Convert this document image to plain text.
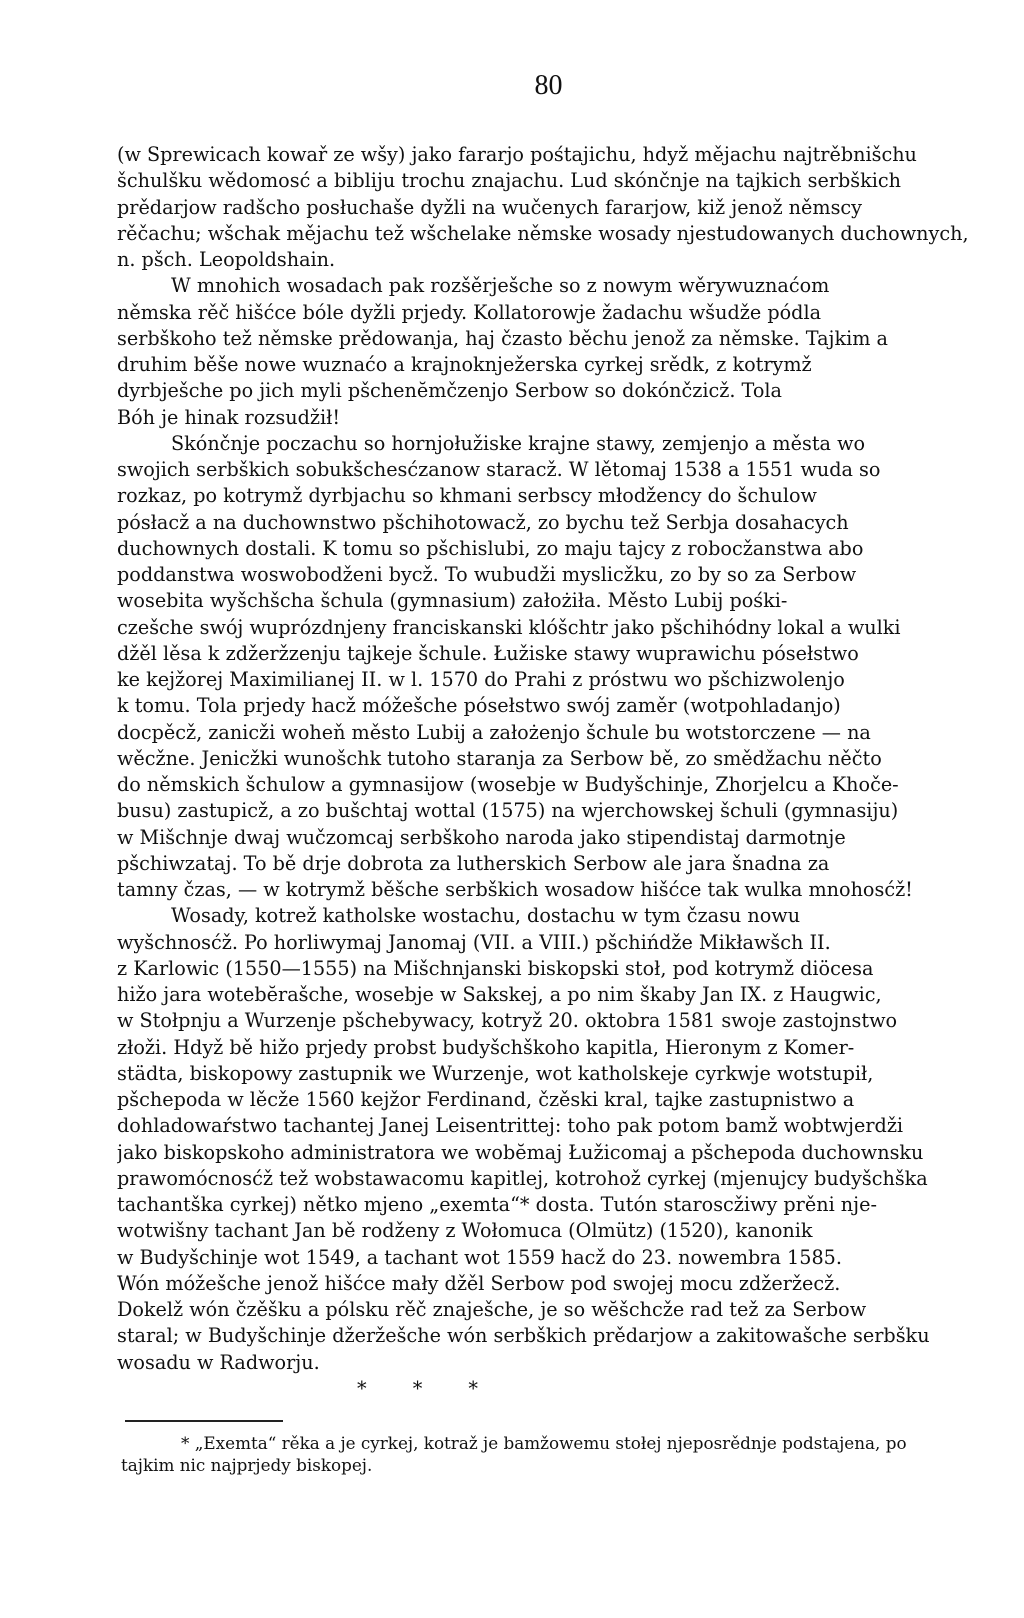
80
(w Sprewicach kowař ze wšy) jako fararjo pośtajichu, hdyž mějachu najtrěbnišchu
šchulšku wědomosć a bibliju trochu znajachu. Lud skónčnje na tajkich serbškich
prědarjow radšcho posłuchaše dyžli na wučenych fararjow, kiž jenož němscy
rěčachu; wšchak mějachu tež wšchelake němske wosady njestudowanych duchownych,
n. pšch. Leopoldshain.
W mnohich wosadach pak rozšěrješche so z nowym wěrywuznaćom
němska rěč hišćce bóle dyžli prjedy. Kollatorowje žadachu wšudže pódla
serbškoho tež němske prědowanja, haj čzasto běchu jenož za němske. Tajkim a
druhim běše nowe wuznaćo a krajnoknježerska cyrkej srědk, z kotrymž
dyrbješche po jich myli pšchenĕmčzenjo Serbow so dokónčzicž. Tola
Bóh je hinak rozsudžił!
Skónčnje poczachu so hornjołužiske krajne stawy, zemjenjo a města wo
swojich serbškich sobukšchesćzanow staracž. W lětomaj 1538 a 1551 wuda so
rozkaz, po kotrymž dyrbjachu so khmani serbscy młodžency do šchulow
pósłacž a na duchownstwo pšchihotowacž, zo bychu tež Serbja dosahacych
duchownych dostali. K tomu so pšchislubi, zo maju tajcy z robocžanstwa abo
poddanstwa woswobodženi bycž. To wubudži myslicžku, zo by so za Serbow
wosebita wyšchšcha šchula (gymnasium) założiła. Město Lubij pośki-
czešche swój wuprózdnjeny franciskanski klóšchtr jako pšchihódny lokal a wulki
džěl lěsa k zdžeržzenju tajkeje šchule. Łužiske stawy wuprawichu pósełstwo
ke kejžorej Maximilianej II. w l. 1570 do Prahi z próstwu wo pšchizwolenjo
k tomu. Tola prjedy hacž móžešche pósełstwo swój zaměr (wotpohladanjo)
docpěcž, zanicži woheň město Lubij a założenjo šchule bu wotstorczene — na
wěcžne. Jenicžki wunošchk tutoho staranja za Serbow bě, zo smědžachu něčto
do němskich šchulow a gymnasijow (wosebje w Budyšchinje, Zhorjelcu a Khoče-
busu) zastupicž, a zo bušchtaj wottal (1575) na wjerchowskej šchuli (gymnasiju)
w Mišchnje dwaj wučzomcaj serbškoho naroda jako stipendistaj darmotnje
pšchiwzataj. To bě drje dobrota za lutherskich Serbow ale jara šnadna za
tamny čzas, — w kotrymž běšche serbškich wosadow hišćce tak wulka mnohosćž!
Wosady, kotrež katholske wostachu, dostachu w tym čzasu nowu
wyšchnosćž. Po horliwymaj Janomaj (VII. a VIII.) pšchińdže Mikławšch II.
z Karlowic (1550—1555) na Mišchnjanski biskopski stoł, pod kotrymž diöcesa
hižo jara wotebĕrašche, wosebje w Sakskej, a po nim škaby Jan IX. z Haugwic,
w Stołpnju a Wurzenje pšchebywacy, kotryž 20. oktobra 1581 swoje zastojnstwo
złoži. Hdyž bě hižo prjedy probst budyšchškoho kapitla, Hieronym z Komer-
städta, biskopowy zastupnik we Wurzenje, wot katholskeje cyrkwje wotstupił,
pšchepoda w lěcže 1560 kejžor Ferdinand, čzěski kral, tajke zastupnistwo a
dohladowaŕstwo tachantej Janej Leisentrittej: toho pak potom bamž wobtwjerdži
jako biskopskoho administratora we wobĕmaj Łužicomaj a pšchepoda duchownsku
prawomócnosćž tež wobstawacomu kapitlej, kotrohož cyrkej (mjenujcy budyšchška
tachantška cyrkej) nětko mjeno „exemta“* dosta. Tutón staroscžiwy prěni nje-
wotwišny tachant Jan bě rodženy z Wołomuca (Olmütz) (1520), kanonik
w Budyšchinje wot 1549, a tachant wot 1559 hacž do 23. nowembra 1585.
Wón móžešche jenož hišćce mały džěl Serbow pod swojej mocu zdžeržecž.
Dokelž wón čzěšku a pólsku rěč znaješche, je so wĕšchcže rad tež za Serbow
staral; w Budyšchinje džeržešche wón serbškich prědarjow a zakitowašche serbšku
wosadu w Radworju.
* * *
* „Exemta“ rěka a je cyrkej, kotraž je bamžowemu stołej njeposrědnje podstajena, po
tajkim nic najprjedy biskopej.
